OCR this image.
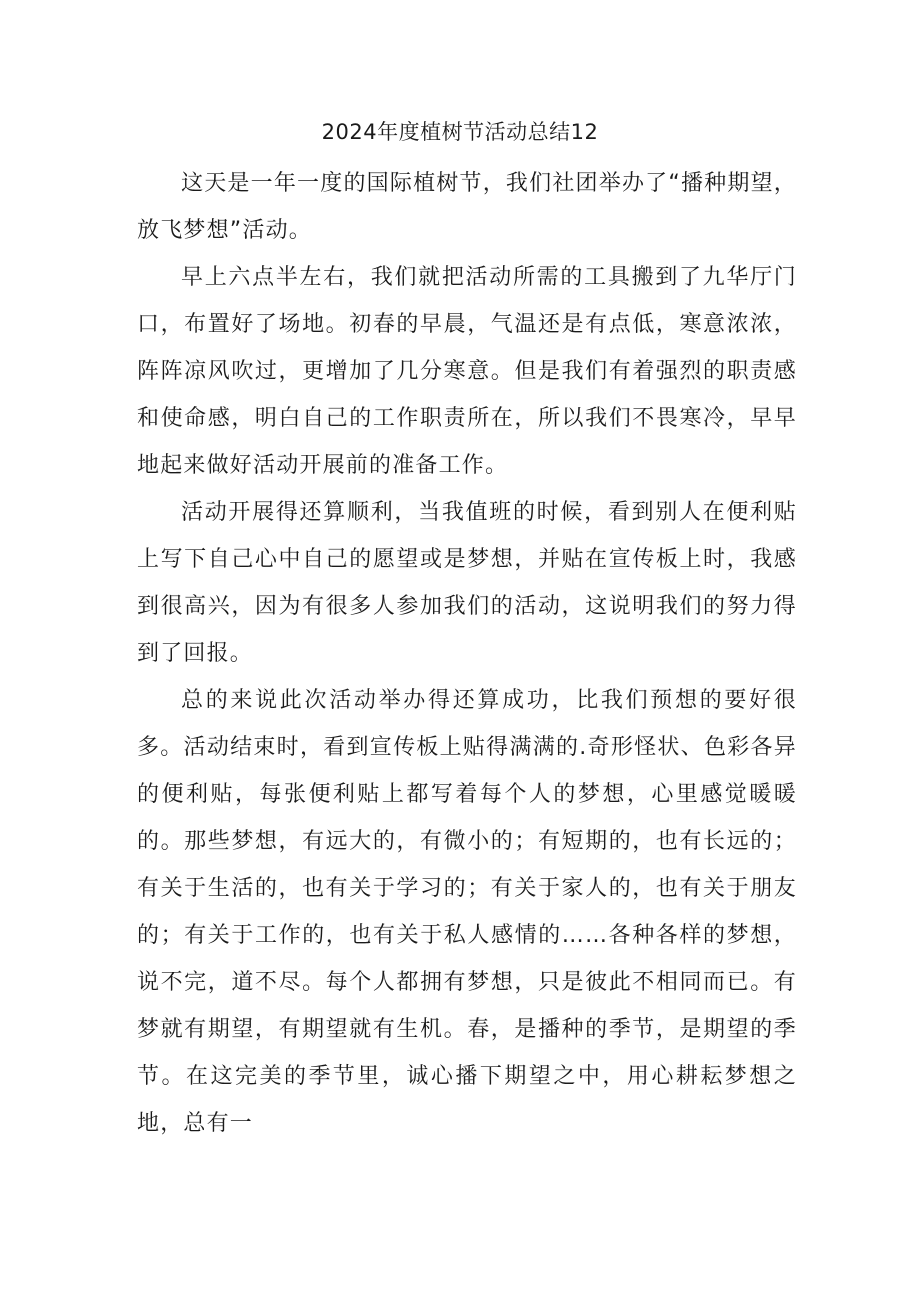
2024年度植树节活动总结12

这天是一年一度的国际植树节，我们社团举办了“播种期望，放飞梦想”活动。

早上六点半左右，我们就把活动所需的工具搬到了九华厅门口，布置好了场地。初春的早晨，气温还是有点低，寒意浓浓，阵阵凉风吹过，更增加了几分寒意。但是我们有着强烈的职责感和使命感，明白自己的工作职责所在，所以我们不畏寒冷，早早地起来做好活动开展前的准备工作。

活动开展得还算顺利，当我值班的时候，看到别人在便利贴上写下自己心中自己的愿望或是梦想，并贴在宣传板上时，我感到很高兴，因为有很多人参加我们的活动，这说明我们的努力得到了回报。

总的来说此次活动举办得还算成功，比我们预想的要好很多。活动结束时，看到宣传板上贴得满满的.奇形怪状、色彩各异的便利贴，每张便利贴上都写着每个人的梦想，心里感觉暖暖的。那些梦想，有远大的，有微小的；有短期的，也有长远的；有关于生活的，也有关于学习的；有关于家人的，也有关于朋友的；有关于工作的，也有关于私人感情的……各种各样的梦想，说不完，道不尽。每个人都拥有梦想，只是彼此不相同而已。有梦就有期望，有期望就有生机。春，是播种的季节，是期望的季节。在这完美的季节里，诚心播下期望之中，用心耕耘梦想之地，总有一
